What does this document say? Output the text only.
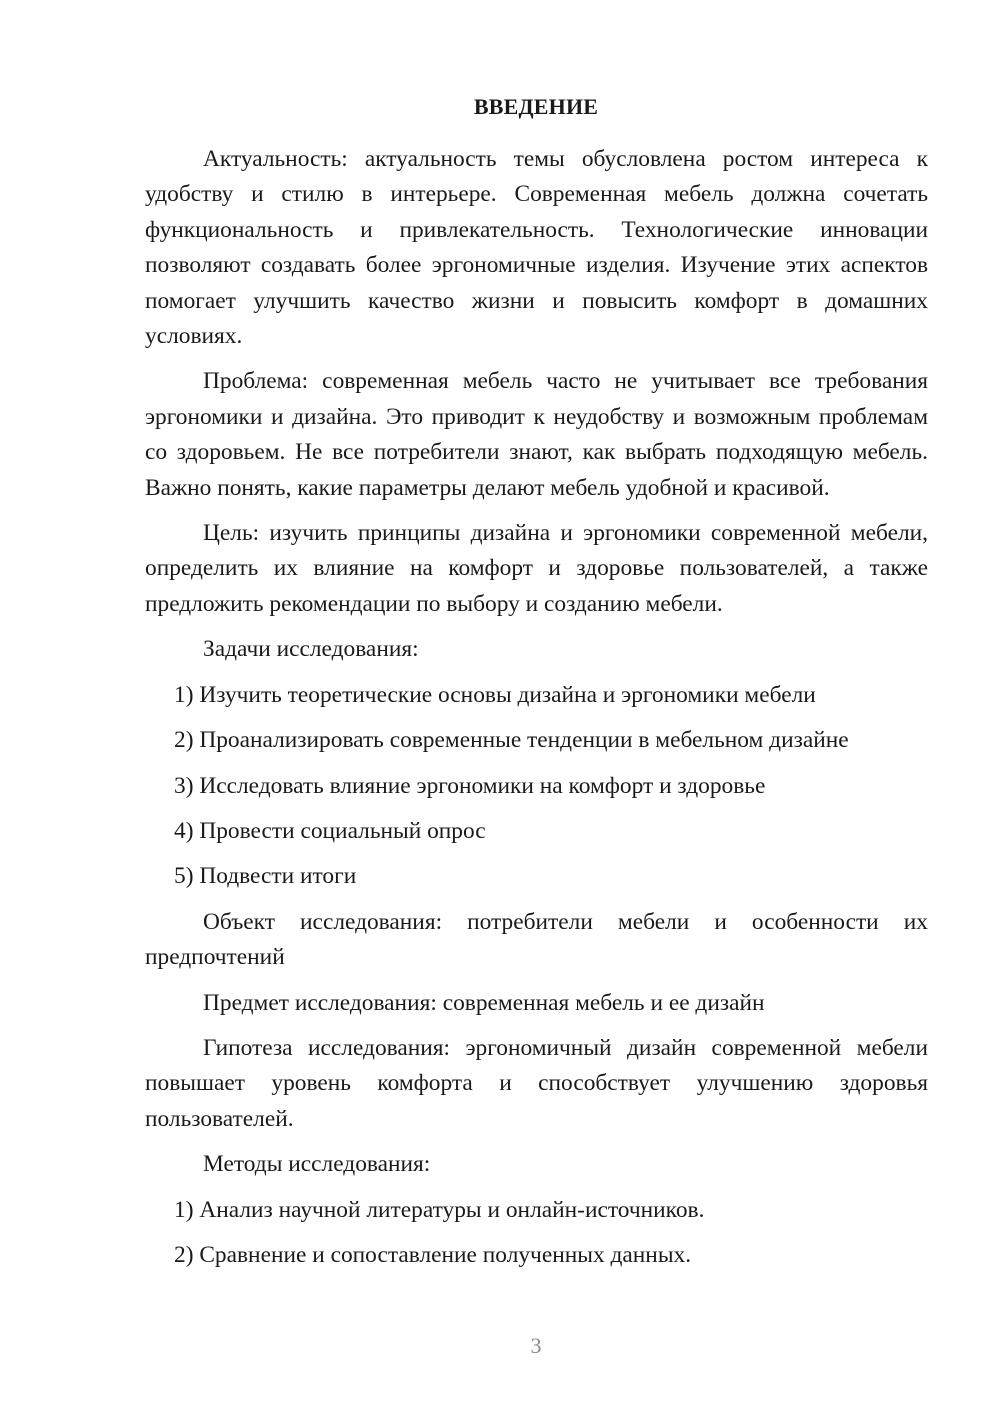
ВВЕДЕНИЕ

Актуальность: актуальность темы обусловлена ростом интереса к удобству и стилю в интерьере. Современная мебель должна сочетать функциональность и привлекательность. Технологические инновации позволяют создавать более эргономичные изделия. Изучение этих аспектов помогает улучшить качество жизни и повысить комфорт в домашних условиях.

Проблема: современная мебель часто не учитывает все требования эргономики и дизайна. Это приводит к неудобству и возможным проблемам со здоровьем. Не все потребители знают, как выбрать подходящую мебель. Важно понять, какие параметры делают мебель удобной и красивой.

Цель: изучить принципы дизайна и эргономики современной мебели, определить их влияние на комфорт и здоровье пользователей, а также предложить рекомендации по выбору и созданию мебели.

Задачи исследования:

1) Изучить теоретические основы дизайна и эргономики мебели

2) Проанализировать современные тенденции в мебельном дизайне

3) Исследовать влияние эргономики на комфорт и здоровье

4) Провести социальный опрос

5) Подвести итоги

Объект исследования: потребители мебели и особенности их предпочтений

Предмет исследования: современная мебель и ее дизайн

Гипотеза исследования: эргономичный дизайн современной мебели повышает уровень комфорта и способствует улучшению здоровья пользователей.

Методы исследования:

1) Анализ научной литературы и онлайн-источников.

2) Сравнение и сопоставление полученных данных.

3
